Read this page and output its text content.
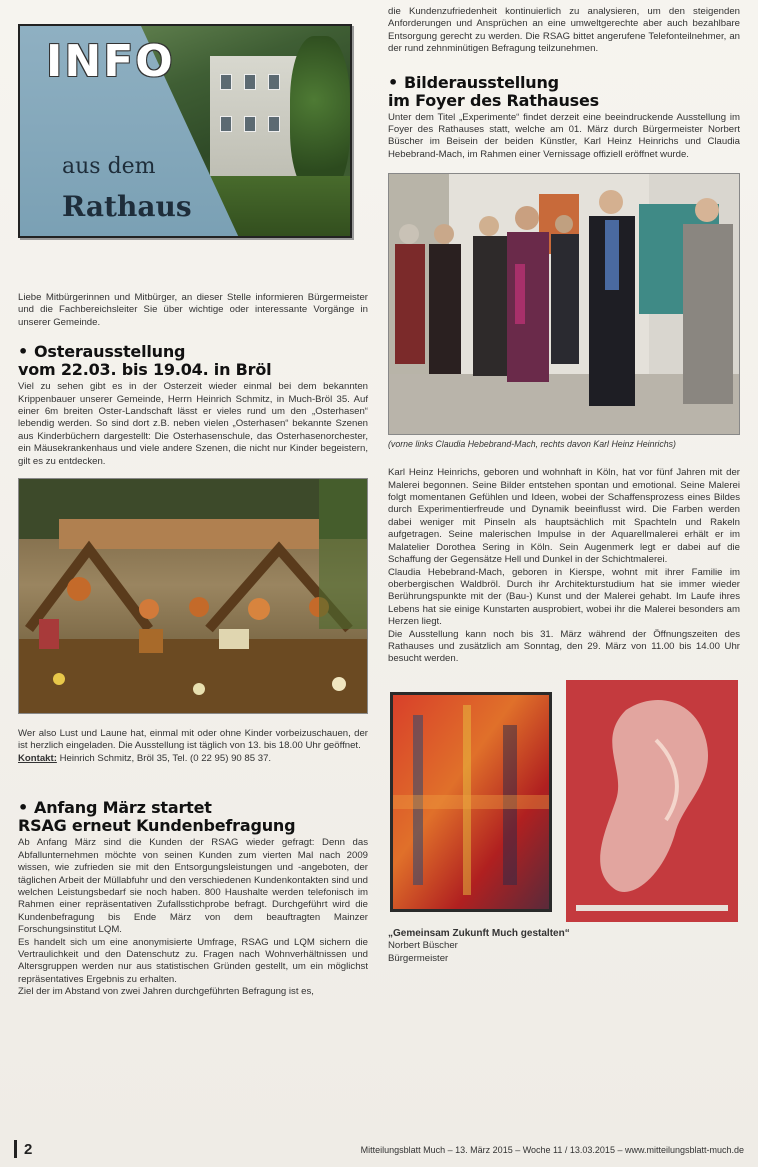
INFO
aus dem
Rathaus
Liebe Mitbürgerinnen und Mitbürger, an dieser Stelle informieren Bürgermeister und die Fachbereichsleiter Sie über wichtige oder interessante Vorgänge in unserer Gemeinde.
• Osterausstellung
vom 22.03. bis 19.04. in Bröl
Viel zu sehen gibt es in der Osterzeit wieder einmal bei dem bekannten Krippenbauer unserer Gemeinde, Herrn Heinrich Schmitz, in Much-Bröl 35. Auf einer 6m breiten Oster-Landschaft lässt er vieles rund um den „Osterhasen“ lebendig werden. So sind dort z.B. neben vielen „Osterhasen“ bekannte Szenen aus Kinderbüchern dargestellt: Die Osterhasenschule, das Osterhasenorchester, ein Mäusekrankenhaus und viele andere Szenen, die nicht nur Kinder begeistern, gilt es zu entdecken.
Wer also Lust und Laune hat, einmal mit oder ohne Kinder vorbeizuschauen, der ist herzlich eingeladen. Die Ausstellung ist täglich von 13. bis 18.00 Uhr geöffnet.
Kontakt: Heinrich Schmitz, Bröl 35, Tel. (0 22 95) 90 85 37.
• Anfang März startet
RSAG erneut Kundenbefragung
Ab Anfang März sind die Kunden der RSAG wieder gefragt: Denn das Abfallunternehmen möchte von seinen Kunden zum vierten Mal nach 2009 wissen, wie zufrieden sie mit den Entsorgungsleistungen und -angeboten, der täglichen Arbeit der Müllabfuhr und den verschiedenen Kundenkontakten sind und welchen Leistungsbedarf sie noch haben. 800 Haushalte werden telefonisch im Rahmen einer repräsentativen Zufallsstichprobe befragt. Durchgeführt wird die Kundenbefragung bis Ende März von dem beauftragten Mainzer Forschungsinstitut LQM.
Es handelt sich um eine anonymisierte Umfrage, RSAG und LQM sichern die Vertraulichkeit und den Datenschutz zu. Fragen nach Wohnverhältnissen und Altersgruppen werden nur aus statistischen Gründen gestellt, um ein möglichst repräsentatives Ergebnis zu erhalten.
Ziel der im Abstand von zwei Jahren durchgeführten Befragung ist es,
die Kundenzufriedenheit kontinuierlich zu analysieren, um den steigenden Anforderungen und Ansprüchen an eine umweltgerechte aber auch bezahlbare Entsorgung gerecht zu werden. Die RSAG bittet angerufene Telefonteilnehmer, an der rund zehnminütigen Befragung teilzunehmen.
• Bilderausstellung
im Foyer des Rathauses
Unter dem Titel „Experimente“ findet derzeit eine beeindruckende Ausstellung im Foyer des Rathauses statt, welche am 01. März durch Bürgermeister Norbert Büscher im Beisein der beiden Künstler, Karl Heinz Heinrichs und Claudia Hebebrand-Mach, im Rahmen einer Vernissage offiziell eröffnet wurde.
(vorne links Claudia Hebebrand-Mach, rechts davon Karl Heinz Heinrichs)
Karl Heinz Heinrichs, geboren und wohnhaft in Köln, hat vor fünf Jahren mit der Malerei begonnen. Seine Bilder entstehen spontan und emotional. Seine Malerei folgt momentanen Gefühlen und Ideen, wobei der Schaffensprozess eines Bildes durch Experimentierfreude und Dynamik beeinflusst wird. Die Farben werden dabei weniger mit Pinseln als hauptsächlich mit Spachteln und Rakeln aufgetragen. Seine malerischen Impulse in der Aquarellmalerei erhält er im Malatelier Dorothea Sering in Köln. Sein Augenmerk legt er dabei auf die Schaffung der Gegensätze Hell und Dunkel in der Schichtmalerei.
Claudia Hebebrand-Mach, geboren in Kierspe, wohnt mit ihrer Familie im oberbergischen Waldbröl. Durch ihr Architekturstudium hat sie immer wieder Berührungspunkte mit der (Bau-) Kunst und der Malerei gehabt. Im Laufe ihres Lebens hat sie einige Kunstarten ausprobiert, wobei ihr die Malerei besonders am Herzen liegt.
Die Ausstellung kann noch bis 31. März während der Öffnungszeiten des Rathauses und zusätzlich am Sonntag, den 29. März von 11.00 bis 14.00 Uhr besucht werden.
„Gemeinsam Zukunft Much gestalten“
Norbert Büscher
Bürgermeister
2	Mitteilungsblatt Much – 13. März 2015 – Woche 11 / 13.03.2015 – www.mitteilungsblatt-much.de
